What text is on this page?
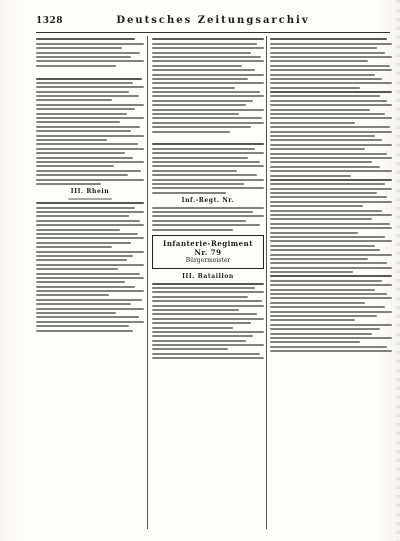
1328	Deutsches Zeitungsarchiv
III. Rhein
Inf.-Regt. Nr.
Infanterie-Regiment Nr. 79
Bürgermeister
III. Bataillon
